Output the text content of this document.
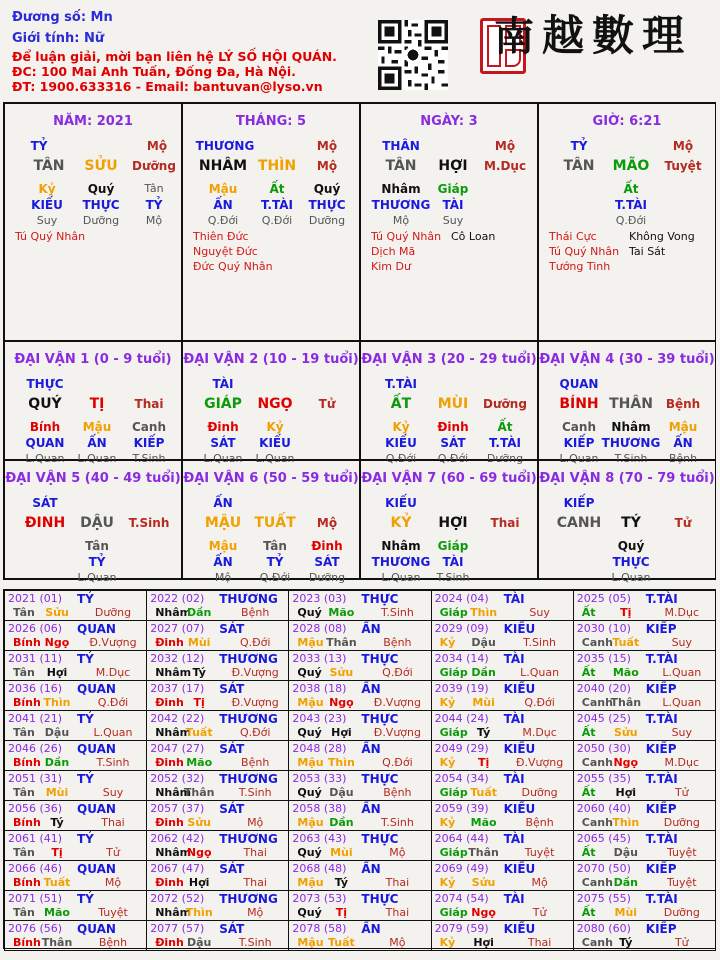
Đương số: Mn
Giới tính: Nữ
Để luận giải, mời bạn liên hệ LÝ SỐ HỘI QUÁN.
ĐC: 100 Mai Anh Tuấn, Đống Đa, Hà Nội.
ĐT: 1900.633316 - Email: bantuvan@lyso.vn
南 越 數 理
NĂM: 2021
TỶ	Mộ
TÂN SỬU Dưỡng
Kỷ	Quý	Tân
KIẾU THỰC TỶ
Suy Dưỡng Mộ
Tú Quý Nhân
THÁNG: 5
THƯƠNG	Mộ
NHÂM THÌN Mộ
Mậu	Ất Quý
ẤN T.TÀI THỰC
Q.Đới Q.Đới Dưỡng
Thiên Đức
Nguyệt Đức
Đức Quý Nhân
NGÀY: 3
THÂN	Mộ
TÂN HỢI M.Dục
Nhâm Giáp
THƯƠNG TÀI
Mộ	Suy
Tú Quý Nhân Cô Loan
Dịch Mã
Kim Dư
GIỜ: 6:21
TỶ	Mộ
TÂN MÃO Tuyệt
Ất
T.TÀI
Q.Đới
Thái Cực	Không Vong
Tú Quý Nhân Tai Sát
Tướng Tinh
ĐẠI VẬN 1 (0 - 9 tuổi)
THỰC
QUÝ TỊ	Thai
Bính Mậu Canh
QUAN ẤN KIẾP
L.Quan L.Quan T.Sinh
ĐẠI VẬN 2 (10 - 19 tuổi)
TÀI
GIÁP NGỌ Tử
Đinh Kỷ
SÁT KIẾU
L.Quan L.Quan
ĐẠI VẬN 3 (20 - 29 tuổi)
T.TÀI
ẤT MÙI Dưỡng
Kỷ Đinh Ất
KIẾU SÁT T.TÀI
Q.Đới Q.Đới Dưỡng
ĐẠI VẬN 4 (30 - 39 tuổi)
QUAN
BÍNH THÂN Bệnh
Canh Nhâm Mậu
KIẾP THƯƠNG ẤN
L.Quan T.Sinh Bệnh
ĐẠI VẬN 5 (40 - 49 tuổi)
SÁT
ĐINH DẬU T.Sinh
Tân
TỶ
L.Quan
ĐẠI VẬN 6 (50 - 59 tuổi)
ẤN
MẬU TUẤT Mộ
Mậu Tân Đinh
ẤN	TỶ	SÁT
Mộ	Q.Đới Dưỡng
ĐẠI VẬN 7 (60 - 69 tuổi)
KIẾU
KỶ HỢI Thai
Nhâm Giáp
THƯƠNG TÀI
L.Quan T.Sinh
ĐẠI VẬN 8 (70 - 79 tuổi)
KIẾP
CANH TÝ	Tử
Quý
THỰC
L.Quan
2021 (01) TỶ
Tân Sửu Dưỡng
2022 (02) THƯƠNG
Nhâm
Dần	Bệnh
2023 (03) THỰC
Quý Mão T.Sinh
2024 (04) TÀI
Giáp Thìn	Suy
2025 (05) T.TÀI
Ất Tị	M.Dục
2026 (06) QUAN
Bính Ngọ Đ.Vượng
2027 (07) SÁT
Đinh Mùi	Q.Đới
2028 (08) ẤN
Mậu Thân Bệnh
2029 (09) KIẾU
Kỷ Dậu T.Sinh
2030 (10) KIẾP
Canh Tuất	Suy
2031 (11) TỶ
Tân Hợi	M.Dục
2032 (12) THƯƠNG
Nhâm Tý Đ.Vượng
2033 (13) THỰC
Quý Sửu	Q.Đới
2034 (14) TÀI
Giáp Dần L.Quan
2035 (15) T.TÀI
Ất Mão L.Quan
2036 (16) QUAN
Bính Thìn Q.Đới
2037 (17) SÁT
Đinh Tị Đ.Vượng
2038 (18) ẤN
Mậu Ngọ Đ.Vượng
2039 (19) KIẾU
Kỷ Mùi	Q.Đới
2040 (20) KIẾP
Canh
Thân L.Quan
2041 (21) TỶ
Tân Dậu L.Quan
2042 (22) THƯƠNG
Nhâm
Tuất Q.Đới
2043 (23) THỰC
Quý Hợi Đ.Vượng
2044 (24) TÀI
Giáp Tý	M.Dục
2045 (25) T.TÀI
Ất Sửu	Suy
2046 (26) QUAN
Bính Dần T.Sinh
2047 (27) SÁT
Đinh Mão	Bệnh
2048 (28) ẤN
Mậu Thìn Q.Đới
2049 (29) KIẾU
Kỷ Tị Đ.Vượng
2050 (30) KIẾP
Canh Ngọ M.Dục
2051 (31) TỶ
Tân Mùi	Suy
2052 (32) THƯƠNG
Nhâm
Thân T.Sinh
2053 (33) THỰC
Quý Dậu	Bệnh
2054 (34) TÀI
Giáp Tuất Dưỡng
2055 (35) T.TÀI
Ất Hợi	Tử
2056 (36) QUAN
Bính Tý	Thai
2057 (37) SÁT
Đinh Sửu	Mộ
2058 (38) ẤN
Mậu Dần T.Sinh
2059 (39) KIẾU
Kỷ Mão	Bệnh
2060 (40) KIẾP
Canh Thìn Dưỡng
2061 (41) TỶ
Tân Tị	Tử
2062 (42) THƯƠNG
Nhâm
Ngọ	Thai
2063 (43) THỰC
Quý Mùi	Mộ
2064 (44) TÀI
Giáp Thân Tuyệt
2065 (45) T.TÀI
Ất Dậu	Tuyệt
2066 (46) QUAN
Bính Tuất	Mộ
2067 (47) SÁT
Đinh Hợi	Thai
2068 (48) ẤN
Mậu Tý	Thai
2069 (49) KIẾU
Kỷ Sửu	Mộ
2070 (50) KIẾP
Canh Dần	Tuyệt
2071 (51) TỶ
Tân Mão	Tuyệt
2072 (52) THƯƠNG
Nhâm
Thìn	Mộ
2073 (53) THỰC
Quý Tị	Thai
2074 (54) TÀI
Giáp Ngọ	Tử
2075 (55) T.TÀI
Ất Mùi Dưỡng
2076 (56) QUAN
Bính Thân Bệnh
2077 (57) SÁT
Đinh Dậu T.Sinh
2078 (58) ẤN
Mậu Tuất	Mộ
2079 (59) KIẾU
Kỷ Hợi	Thai
2080 (60) KIẾP
Canh Tý	Tử
